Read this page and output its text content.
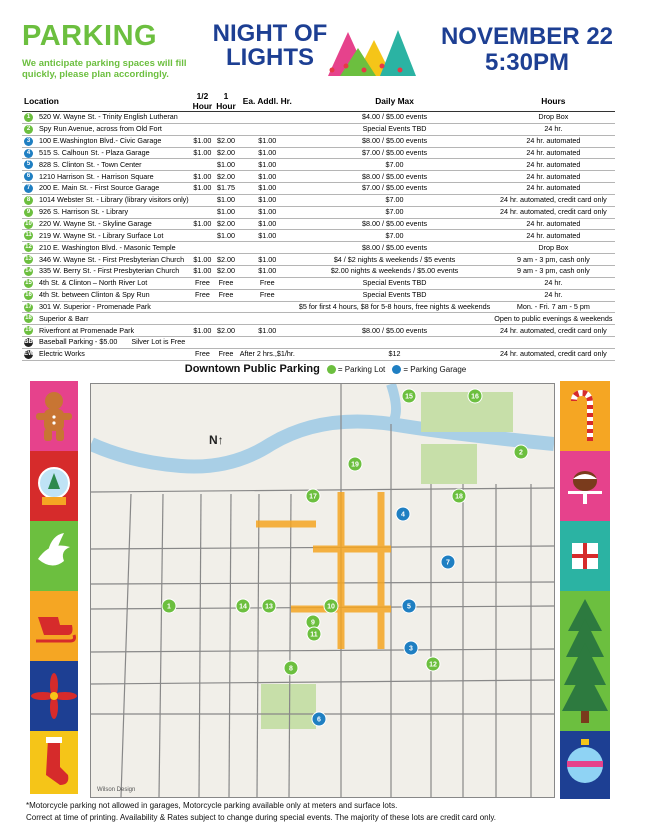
PARKING
We anticipate parking spaces will fill quickly, please plan accordingly.
NIGHT OF
LIGHTS
NOVEMBER 22
5:30PM
Location	1/2 Hour	1 Hour	Ea. Addl. Hr.	Daily Max	Hours
1 520 W. Wayne St. - Trinity English Lutheran				$4.00 / $5.00 events	Drop Box
2 Spy Run Avenue, across from Old Fort				Special Events TBD	24 hr.
3 100 E.Washington Blvd.- Civic Garage	$1.00	$2.00	$1.00	$8.00 / $5.00 events	24 hr. automated
4 515 S. Calhoun St. - Plaza Garage	$1.00	$2.00	$1.00	$7.00 / $5.00 events	24 hr. automated
5 828 S. Clinton St. - Town Center		$1.00	$1.00	$7.00	24 hr. automated
6 1210 Harrison St. - Harrison Square	$1.00	$2.00	$1.00	$8.00 / $5.00 events	24 hr. automated
7 200 E. Main St. - First Source Garage	$1.00	$1.75	$1.00	$7.00 / $5.00 events	24 hr. automated
8 1014 Webster St. - Library (library visitors only)		$1.00	$1.00	$7.00	24 hr. automated, credit card only
9 926 S. Harrison St. - Library		$1.00	$1.00	$7.00	24 hr. automated, credit card only
10 220 W. Wayne St. - Skyline Garage	$1.00	$2.00	$1.00	$8.00 / $5.00 events	24 hr. automated
11 219 W. Wayne St. - Library Surface Lot		$1.00	$1.00	$7.00	24 hr. automated
12 210 E. Washington Blvd. - Masonic Temple				$8.00 / $5.00 events	Drop Box
13 346 W. Wayne St. - First Presbyterian Church	$1.00	$2.00	$1.00	$4 / $2 nights & weekends / $5 events	9 am - 3 pm, cash only
14 335 W. Berry St. - First Presbyterian Church	$1.00	$2.00	$1.00	$2.00 nights & weekends / $5.00 events	9 am - 3 pm, cash only
15 4th St. & Clinton – North River Lot	Free	Free	Free	Special Events TBD	24 hr.
16 4th St. between Clinton & Spy Run	Free	Free	Free	Special Events TBD	24 hr.
17 301 W. Superior - Promenade Park				$5 for first 4 hours, $8 for 5-8 hours, free nights & weekends	Mon. - Fri. 7 am - 5 pm
18 Superior & Barr					Open to public evenings & weekends
19 Riverfront at Promenade Park	$1.00	$2.00	$1.00	$8.00 / $5.00 events	24 hr. automated, credit card only
BB Baseball Parking - $5.00 Silver Lot is Free					
EW Electric Works	Free	Free	After 2 hrs.,$1/hr.	$12	24 hr. automated, credit card only
Downtown Public Parking = Parking Lot = Parking Garage
1
2
3
4
5
6
7
8
9
10
11
12
13
14
15	16
17	18
19
N↑
Wilson Design
*Motorcycle parking not allowed in garages, Motorcycle parking available only at meters and surface lots.
Correct at time of printing. Availability & Rates subject to change during special events. The majority of these lots are credit card only.
